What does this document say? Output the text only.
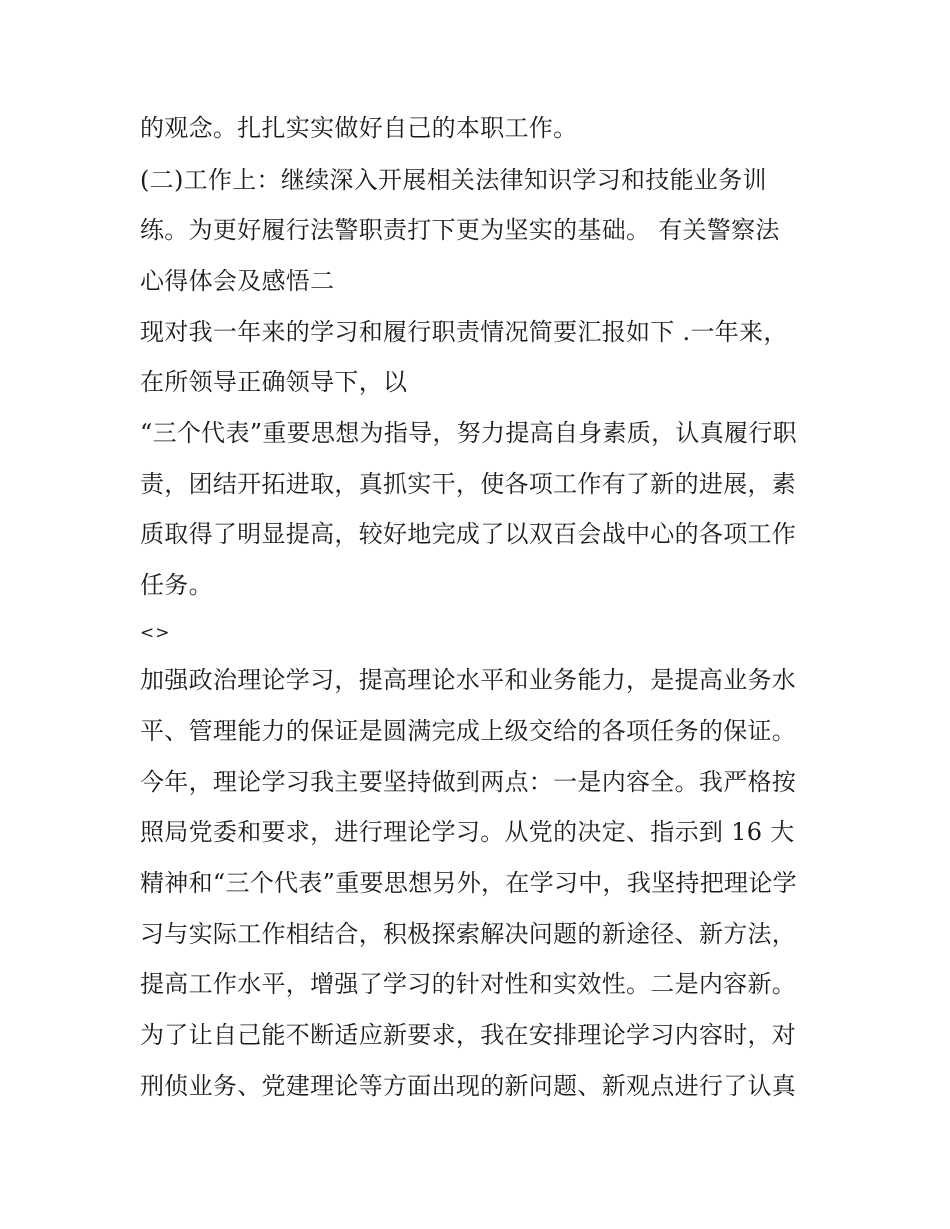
的观念。扎扎实实做好自己的本职工作。
(二)工作上：继续深入开展相关法律知识学习和技能业务训
练。为更好履行法警职责打下更为坚实的基础。 有关警察法
心得体会及感悟二
现对我一年来的学习和履行职责情况简要汇报如下 .一年来，
在所领导正确领导下，以
“三个代表”重要思想为指导，努力提高自身素质，认真履行职
责，团结开拓进取，真抓实干，使各项工作有了新的进展，素
质取得了明显提高，较好地完成了以双百会战中心的各项工作
任务。
<>
加强政治理论学习，提高理论水平和业务能力，是提高业务水
平、管理能力的保证是圆满完成上级交给的各项任务的保证。
今年，理论学习我主要坚持做到两点：一是内容全。我严格按
照局党委和要求，进行理论学习。从党的决定、指示到 16 大
精神和“三个代表”重要思想另外，在学习中，我坚持把理论学
习与实际工作相结合，积极探索解决问题的新途径、新方法，
提高工作水平，增强了学习的针对性和实效性。二是内容新。
为了让自己能不断适应新要求，我在安排理论学习内容时，对
刑侦业务、党建理论等方面出现的新问题、新观点进行了认真
